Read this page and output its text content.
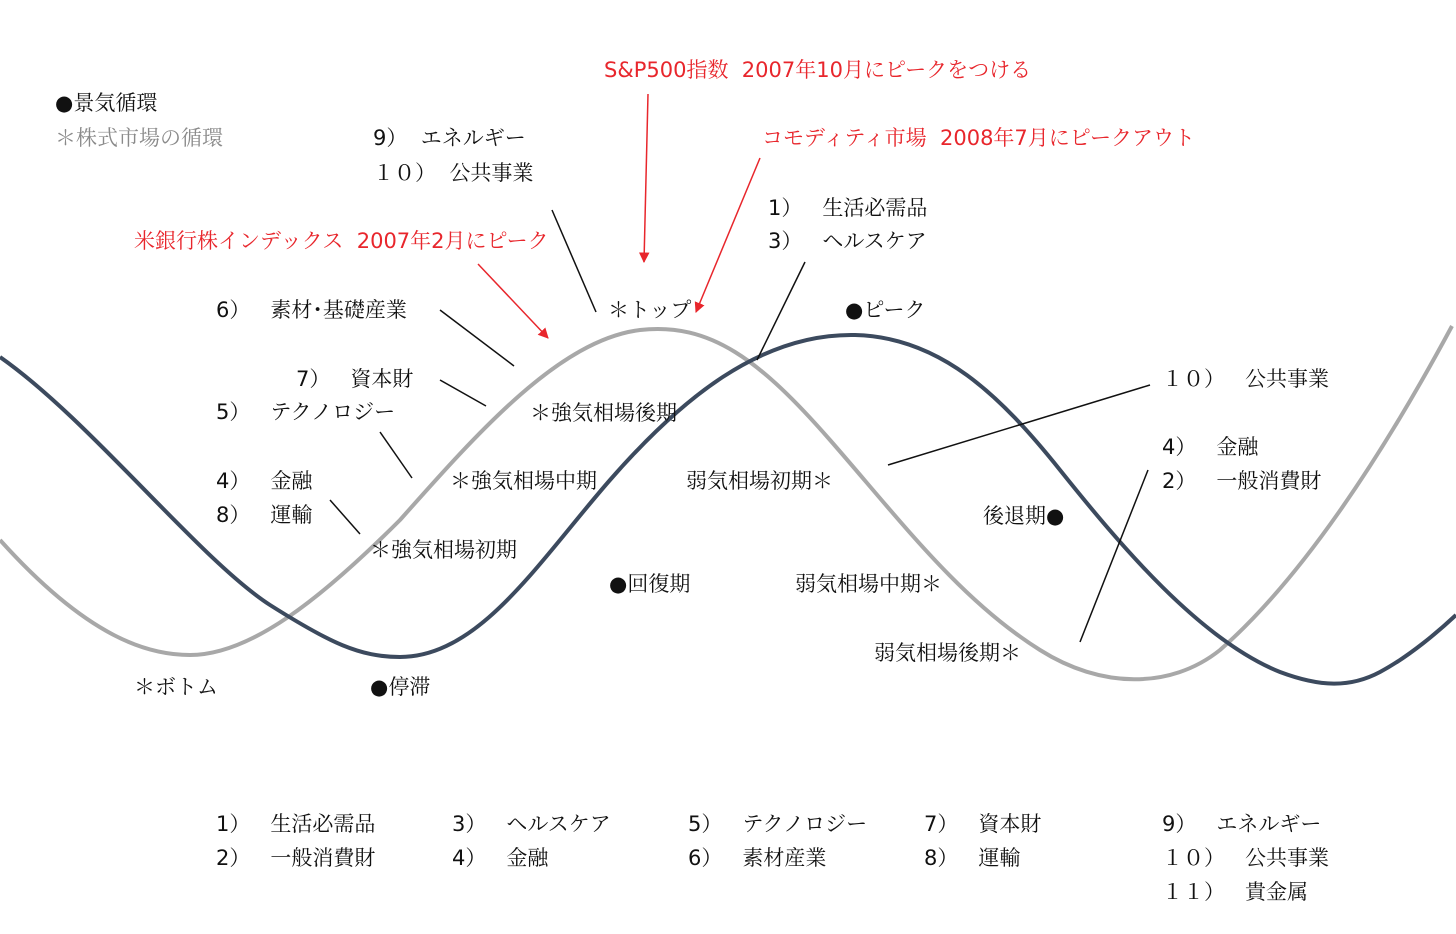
●景気循環
＊株式市場の循環
S&P500指数  2007年10月にピークをつける
コモディティ市場  2008年7月にピークアウト
米銀行株インデックス  2007年2月にピーク
9）  エネルギー
１０）  公共事業
1）   生活必需品
3）   ヘルスケア
6）   素材･基礎産業
7）   資本財
5）   テクノロジー
4）   金融
8）   運輸
１０）   公共事業
4）   金融
2）   一般消費財
＊トップ
＊強気相場後期
＊強気相場中期
＊強気相場初期
＊ボトム
弱気相場初期＊
弱気相場中期＊
弱気相場後期＊
●ピーク
後退期●
●回復期
●停滞
1）   生活必需品
2）   一般消費財
3）   ヘルスケア
4）   金融
5）   テクノロジー
6）   素材産業
7）   資本財
8）   運輸
9）   エネルギー
１０）   公共事業
１１）   貴金属
